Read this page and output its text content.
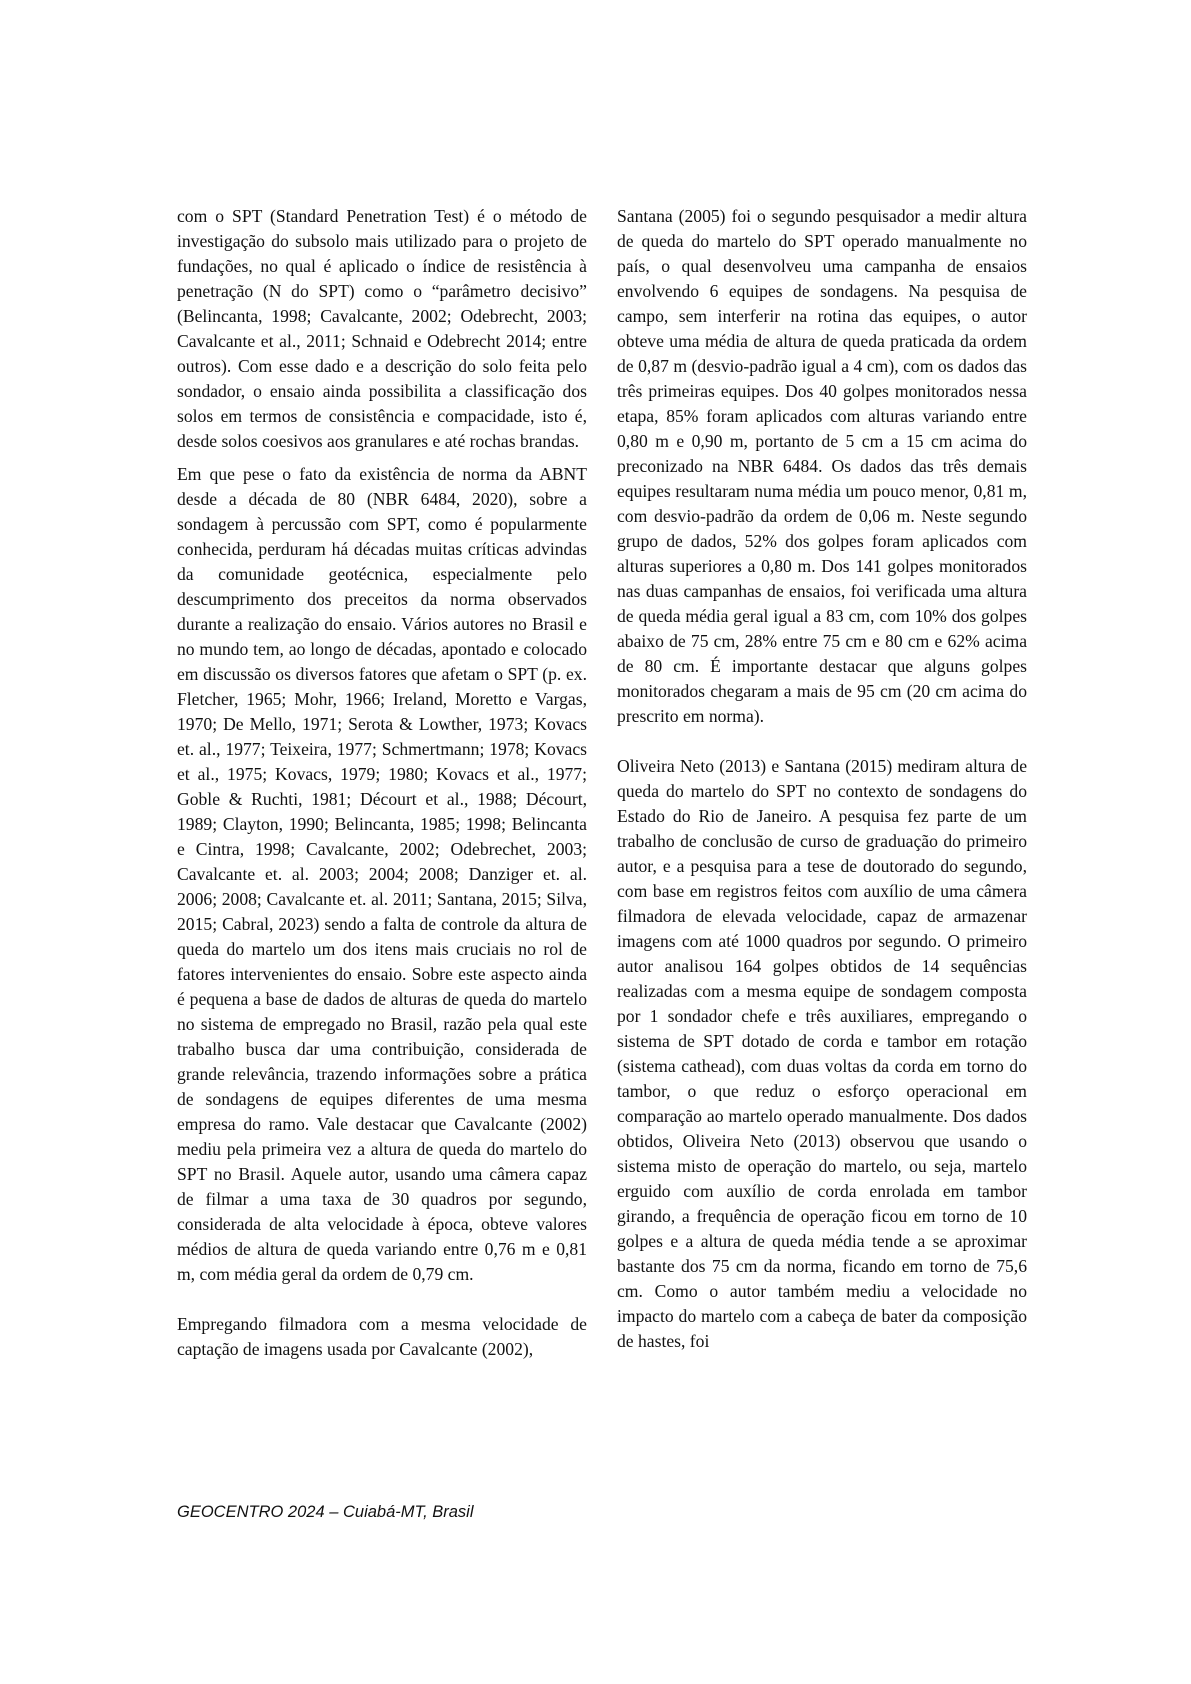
com o SPT (Standard Penetration Test) é o método de investigação do subsolo mais utilizado para o projeto de fundações, no qual é aplicado o índice de resistência à penetração (N do SPT) como o “parâmetro decisivo” (Belincanta, 1998; Cavalcante, 2002; Odebrecht, 2003; Cavalcante et al., 2011; Schnaid e Odebrecht 2014; entre outros). Com esse dado e a descrição do solo feita pelo sondador, o ensaio ainda possibilita a classificação dos solos em termos de consistência e compacidade, isto é, desde solos coesivos aos granulares e até rochas brandas.

Em que pese o fato da existência de norma da ABNT desde a década de 80 (NBR 6484, 2020), sobre a sondagem à percussão com SPT, como é popularmente conhecida, perduram há décadas muitas críticas advindas da comunidade geotécnica, especialmente pelo descumprimento dos preceitos da norma observados durante a realização do ensaio. Vários autores no Brasil e no mundo tem, ao longo de décadas, apontado e colocado em discussão os diversos fatores que afetam o SPT (p. ex. Fletcher, 1965; Mohr, 1966; Ireland, Moretto e Vargas, 1970; De Mello, 1971; Serota & Lowther, 1973; Kovacs et. al., 1977; Teixeira, 1977; Schmertmann; 1978; Kovacs et al., 1975; Kovacs, 1979; 1980; Kovacs et al., 1977; Goble & Ruchti, 1981; Décourt et al., 1988; Décourt, 1989; Clayton, 1990; Belincanta, 1985; 1998; Belincanta e Cintra, 1998; Cavalcante, 2002; Odebrechet, 2003; Cavalcante et. al. 2003; 2004; 2008; Danziger et. al. 2006; 2008; Cavalcante et. al. 2011; Santana, 2015; Silva, 2015; Cabral, 2023) sendo a falta de controle da altura de queda do martelo um dos itens mais cruciais no rol de fatores intervenientes do ensaio. Sobre este aspecto ainda é pequena a base de dados de alturas de queda do martelo no sistema de empregado no Brasil, razão pela qual este trabalho busca dar uma contribuição, considerada de grande relevância, trazendo informações sobre a prática de sondagens de equipes diferentes de uma mesma empresa do ramo. Vale destacar que Cavalcante (2002) mediu pela primeira vez a altura de queda do martelo do SPT no Brasil. Aquele autor, usando uma câmera capaz de filmar a uma taxa de 30 quadros por segundo, considerada de alta velocidade à época, obteve valores médios de altura de queda variando entre 0,76 m e 0,81 m, com média geral da ordem de 0,79 cm.

Empregando filmadora com a mesma velocidade de captação de imagens usada por Cavalcante (2002),

Santana (2005) foi o segundo pesquisador a medir altura de queda do martelo do SPT operado manualmente no país, o qual desenvolveu uma campanha de ensaios envolvendo 6 equipes de sondagens. Na pesquisa de campo, sem interferir na rotina das equipes, o autor obteve uma média de altura de queda praticada da ordem de 0,87 m (desvio-padrão igual a 4 cm), com os dados das três primeiras equipes. Dos 40 golpes monitorados nessa etapa, 85% foram aplicados com alturas variando entre 0,80 m e 0,90 m, portanto de 5 cm a 15 cm acima do preconizado na NBR 6484. Os dados das três demais equipes resultaram numa média um pouco menor, 0,81 m, com desvio-padrão da ordem de 0,06 m. Neste segundo grupo de dados, 52% dos golpes foram aplicados com alturas superiores a 0,80 m. Dos 141 golpes monitorados nas duas campanhas de ensaios, foi verificada uma altura de queda média geral igual a 83 cm, com 10% dos golpes abaixo de 75 cm, 28% entre 75 cm e 80 cm e 62% acima de 80 cm. É importante destacar que alguns golpes monitorados chegaram a mais de 95 cm (20 cm acima do prescrito em norma).

Oliveira Neto (2013) e Santana (2015) mediram altura de queda do martelo do SPT no contexto de sondagens do Estado do Rio de Janeiro. A pesquisa fez parte de um trabalho de conclusão de curso de graduação do primeiro autor, e a pesquisa para a tese de doutorado do segundo, com base em registros feitos com auxílio de uma câmera filmadora de elevada velocidade, capaz de armazenar imagens com até 1000 quadros por segundo. O primeiro autor analisou 164 golpes obtidos de 14 sequências realizadas com a mesma equipe de sondagem composta por 1 sondador chefe e três auxiliares, empregando o sistema de SPT dotado de corda e tambor em rotação (sistema cathead), com duas voltas da corda em torno do tambor, o que reduz o esforço operacional em comparação ao martelo operado manualmente. Dos dados obtidos, Oliveira Neto (2013) observou que usando o sistema misto de operação do martelo, ou seja, martelo erguido com auxílio de corda enrolada em tambor girando, a frequência de operação ficou em torno de 10 golpes e a altura de queda média tende a se aproximar bastante dos 75 cm da norma, ficando em torno de 75,6 cm. Como o autor também mediu a velocidade no impacto do martelo com a cabeça de bater da composição de hastes, foi

GEOCENTRO 2024 – Cuiabá-MT, Brasil
